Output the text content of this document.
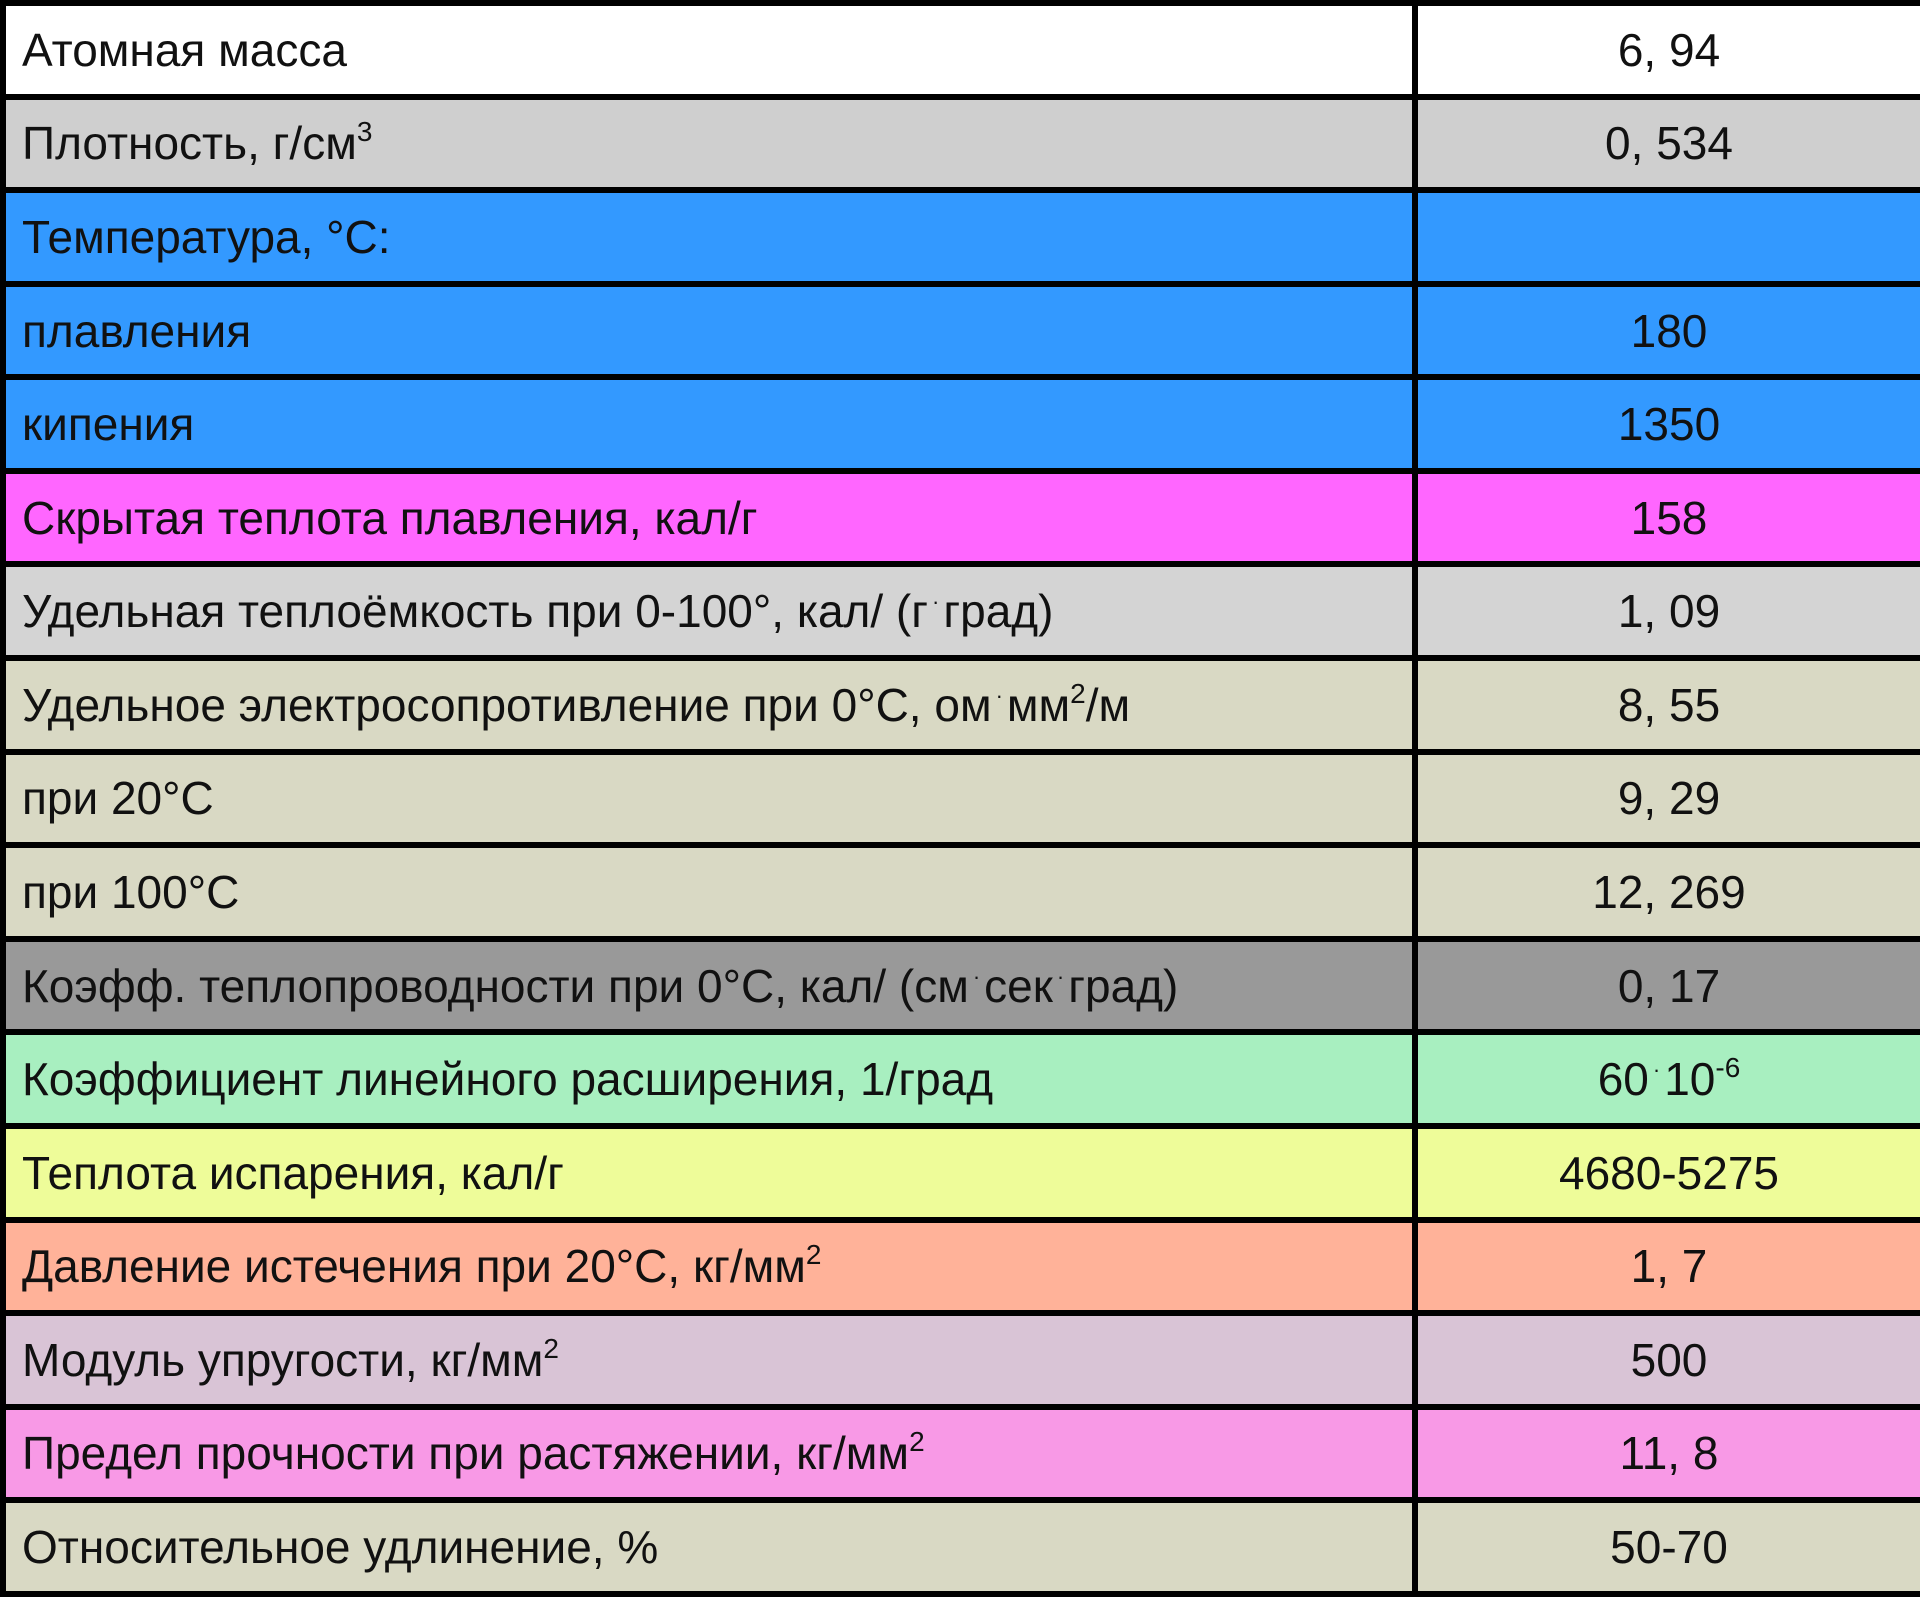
Атомная масса	6, 94
Плотность, $г/см^3$	0, 534
Температура, °С:	
плавления	180
кипения	1350
Скрытая теплота плавления, кал/г	158
Удельная теплоёмкость при 0-100°, кал/ (г ·град)	1, 09
Удельное электросопротивление при 0°С, ом $^\cdot мм^2/м$	8, 55
при 20°С	9, 29
при 100°С	12, 269
Коэфф. теплопроводности при 0°С, кал/ (см ·сек ·град)	0, 17
Коэффициент линейного расширения, 1/град	60 $^\cdot 10^{-6}$
Теплота испарения, кал/г	4680-5275
Давление истечения при 20°С, $кг/мм^2$	1, 7
Модуль упругости, $кг/мм^2$	500
Предел прочности при растяжении, $кг/мм^2$	11, 8
Относительное удлинение, %	50-70
